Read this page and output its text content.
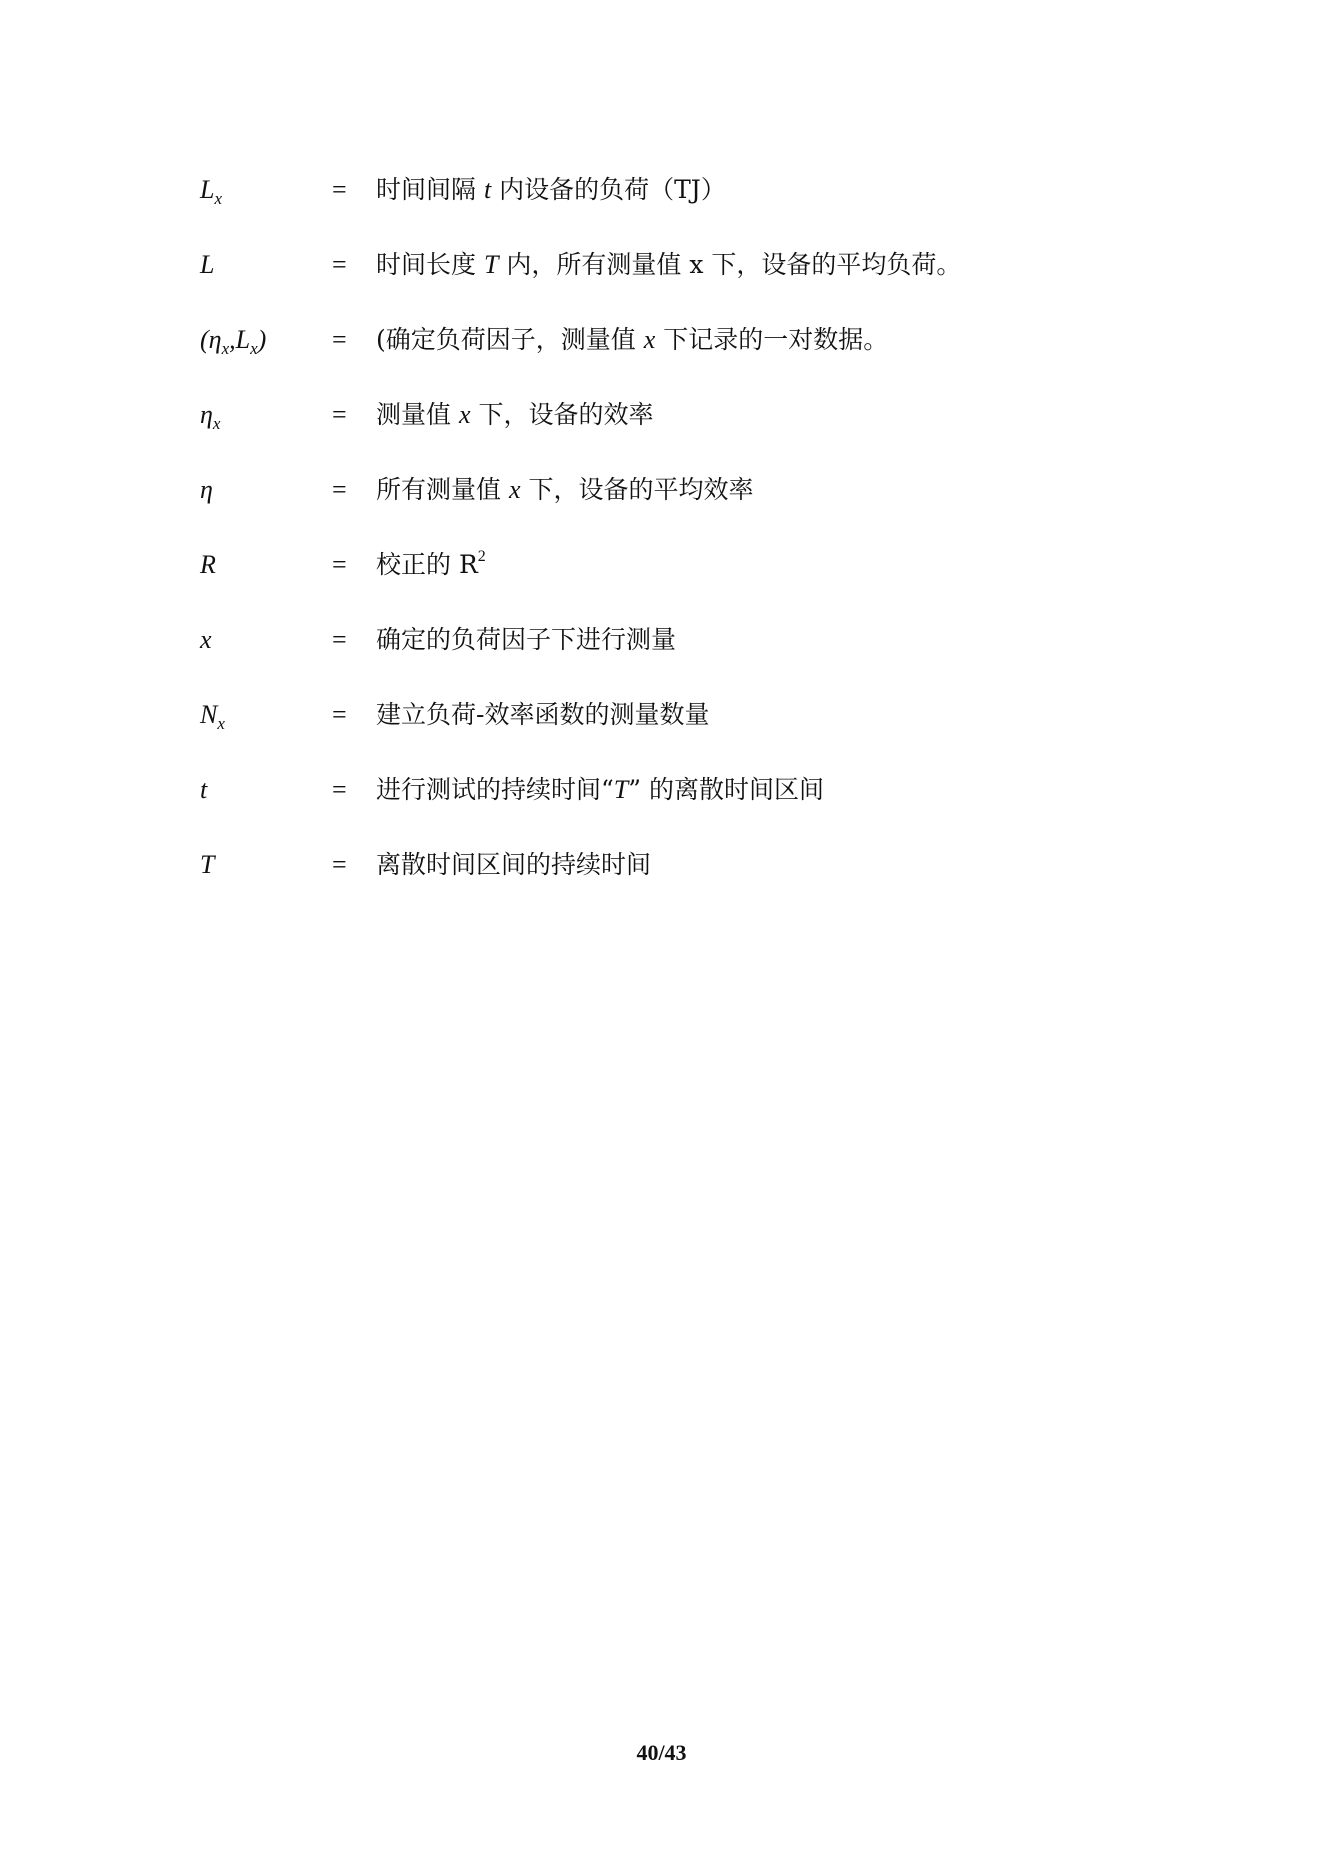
$L_x$	= 时间间隔 t 内设备的负荷（TJ）
L	= 时间长度 T 内，所有测量值 x 下，设备的平均负荷。
$(\eta_x,L_x)$	= (确定负荷因子，测量值 x 下记录的一对数据。
$\eta_x$	= 测量值 x 下，设备的效率
η	= 所有测量值 x 下，设备的平均效率
R	= 校正的 $R^2$
x	= 确定的负荷因子下进行测量
$N_x$	= 建立负荷-效率函数的测量数量
t	= 进行测试的持续时间“T” 的离散时间区间
T	= 离散时间区间的持续时间
40/43
